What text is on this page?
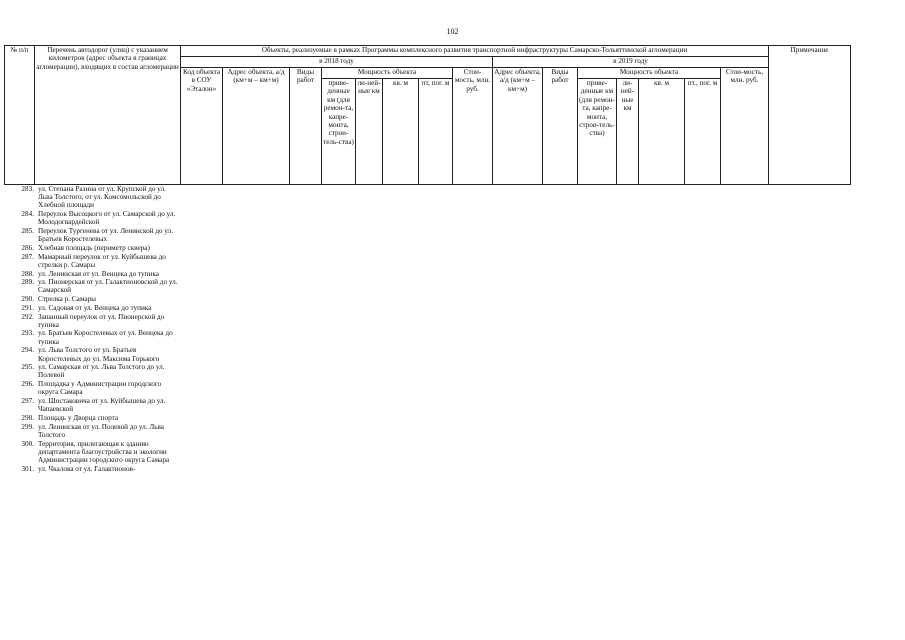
102
№ п/п	Перечень автодорог (улиц) с указанием километров (адрес объекта в границах агломерации), входящих в состав агломерации	Объекты, реализуемые в рамках Программы комплексного развития транспортной инфраструктуры Самарско-Тольяттинской агломерации															Примечание
		в 2018 году								в 2019 году							
		Код объекта в СОУ «Эталон»	Адрес объекта, а/д (км+м – км+м)	Виды работ	Мощность объекта				Стои-мость, млн. руб.	Адрес объекта, а/д (км+м – км+м)	Виды работ	Мощность объекта				Стои-мость, млн. руб.	
					приве-денные км (для ремон-та, капре-монта, строи-тель-ства)	ли-ней-ные км	кв. м	пт, пог. м				приве-денные км (для ремон-та, капре-монта, строи-тель-ства)	ли-ней-ные км	кв. м	пт., пог. м		
283. ул. Степана Разина от ул. Крупской до ул. Льва Толстого, от ул. Комсомольской до Хлебной площади
284. Переулок Высоцкого от ул. Самарской до ул. Молодогвардейской
285. Переулок Тургенева от ул. Ленинской до ул. Братьев Коростелевых
286. Хлебная площадь (периметр сквера)
287. Мамарный переулок от ул. Куйбышева до стрелки р. Самары
288. ул. Ленинская от ул. Венцека до тупика
289. ул. Пионерская от ул. Галактионовской до ул. Самарской
290. Стрелка р. Самары
291. ул. Садовая от ул. Венцека до тупика
292. Запанный переулок от ул. Пионерской до тупика
293. ул. Братьев Коростелевых от ул. Венцека до тупика
294. ул. Льва Толстого от ул. Братьев Коростелевых до ул. Максима Горького
295. ул. Самарская от ул. Льва Толстого до ул. Полевой
296. Площадка у Администрации городского округа Самара
297. ул. Шостаковича от ул. Куйбышева до ул. Чапаевской
298. Площадь у Дворца спорта
299. ул. Ленинская от ул. Полевой до ул. Льва Толстого
300. Территория, прилегающая к зданию департамента благоустройства и экологии Администрации городского округа Самара
301. ул. Чкалова от ул. Галактионов-
